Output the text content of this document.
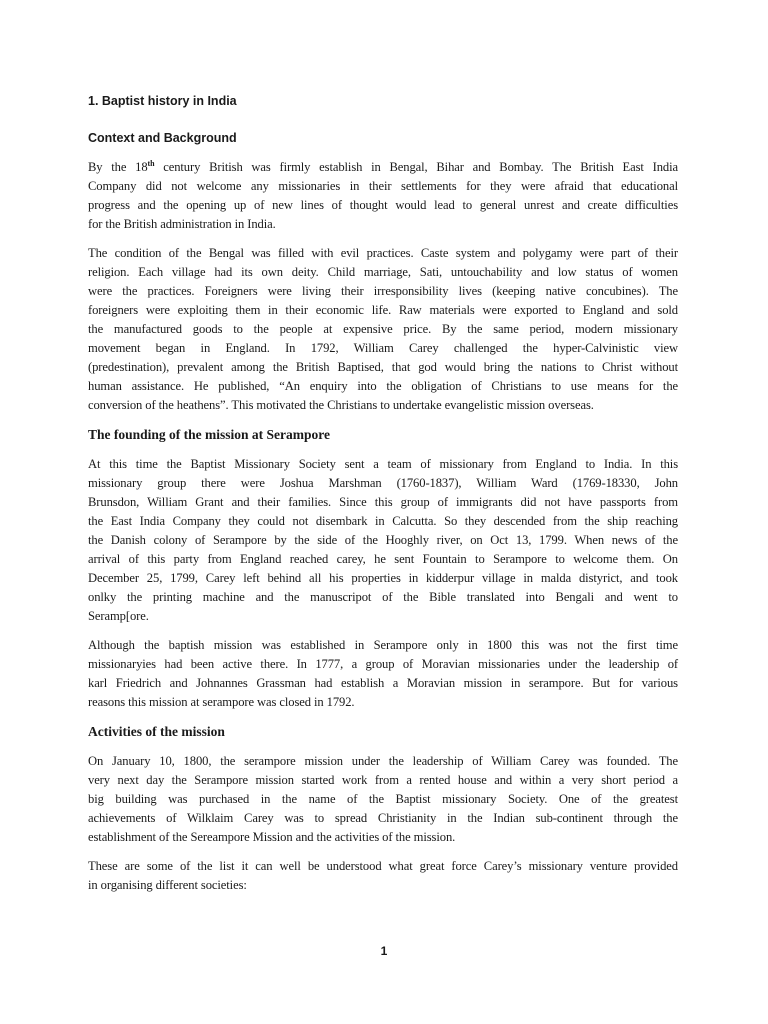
1. Baptist history in India

Context and Background

By the 18th century British was firmly establish in Bengal, Bihar and Bombay. The British East India
Company did not welcome any missionaries in their settlements for they were afraid that educational
progress and the opening up of new lines of thought would lead to general unrest and create difficulties
for the British administration in India.

The condition of the Bengal was filled with evil practices. Caste system and polygamy were part of their
religion. Each village had its own deity. Child marriage, Sati, untouchability and low status of women
were the practices. Foreigners were living their irresponsibility lives (keeping native concubines). The
foreigners were exploiting them in their economic life. Raw materials were exported to England and sold
the manufactured goods to the people at expensive price. By the same period, modern missionary
movement began in England. In 1792, William Carey challenged the hyper-Calvinistic view
(predestination), prevalent among the British Baptised, that god would bring the nations to Christ without
human assistance. He published, “An enquiry into the obligation of Christians to use means for the
conversion of the heathens”. This motivated the Christians to undertake evangelistic mission overseas.

The founding of the mission at Serampore

At this time the Baptist Missionary Society sent a team of missionary from England to India. In this
missionary group there were Joshua Marshman (1760-1837), William Ward (1769-18330, John
Brunsdon, William Grant and their families. Since this group of immigrants did not have passports from
the East India Company they could not disembark in Calcutta. So they descended from the ship reaching
the Danish colony of Serampore by the side of the Hooghly river, on Oct 13, 1799. When news of the
arrival of this party from England reached carey, he sent Fountain to Serampore to welcome them. On
December 25, 1799, Carey left behind all his properties in kidderpur village in malda distyrict, and took
onlky the printing machine and the manuscripot of the Bible translated into Bengali and went to
Seramp[ore.

Although the baptish mission was established in Serampore only in 1800 this was not the first time
missionaryies had been active there. In 1777, a group of Moravian missionaries under the leadership of
karl Friedrich and Johnannes Grassman had establish a Moravian mission in serampore. But for various
reasons this mission at serampore was closed in 1792.

Activities of the mission

On January 10, 1800, the serampore mission under the leadership of William Carey was founded. The
very next day the Serampore mission started work from a rented house and within a very short period a
big building was purchased in the name of the Baptist missionary Society. One of the greatest
achievements of Wilklaim Carey was to spread Christianity in the Indian sub-continent through the
establishment of the Sereampore Mission and the activities of the mission.

These are some of the list it can well be understood what great force Carey’s missionary venture provided
in organising different societies:

1
